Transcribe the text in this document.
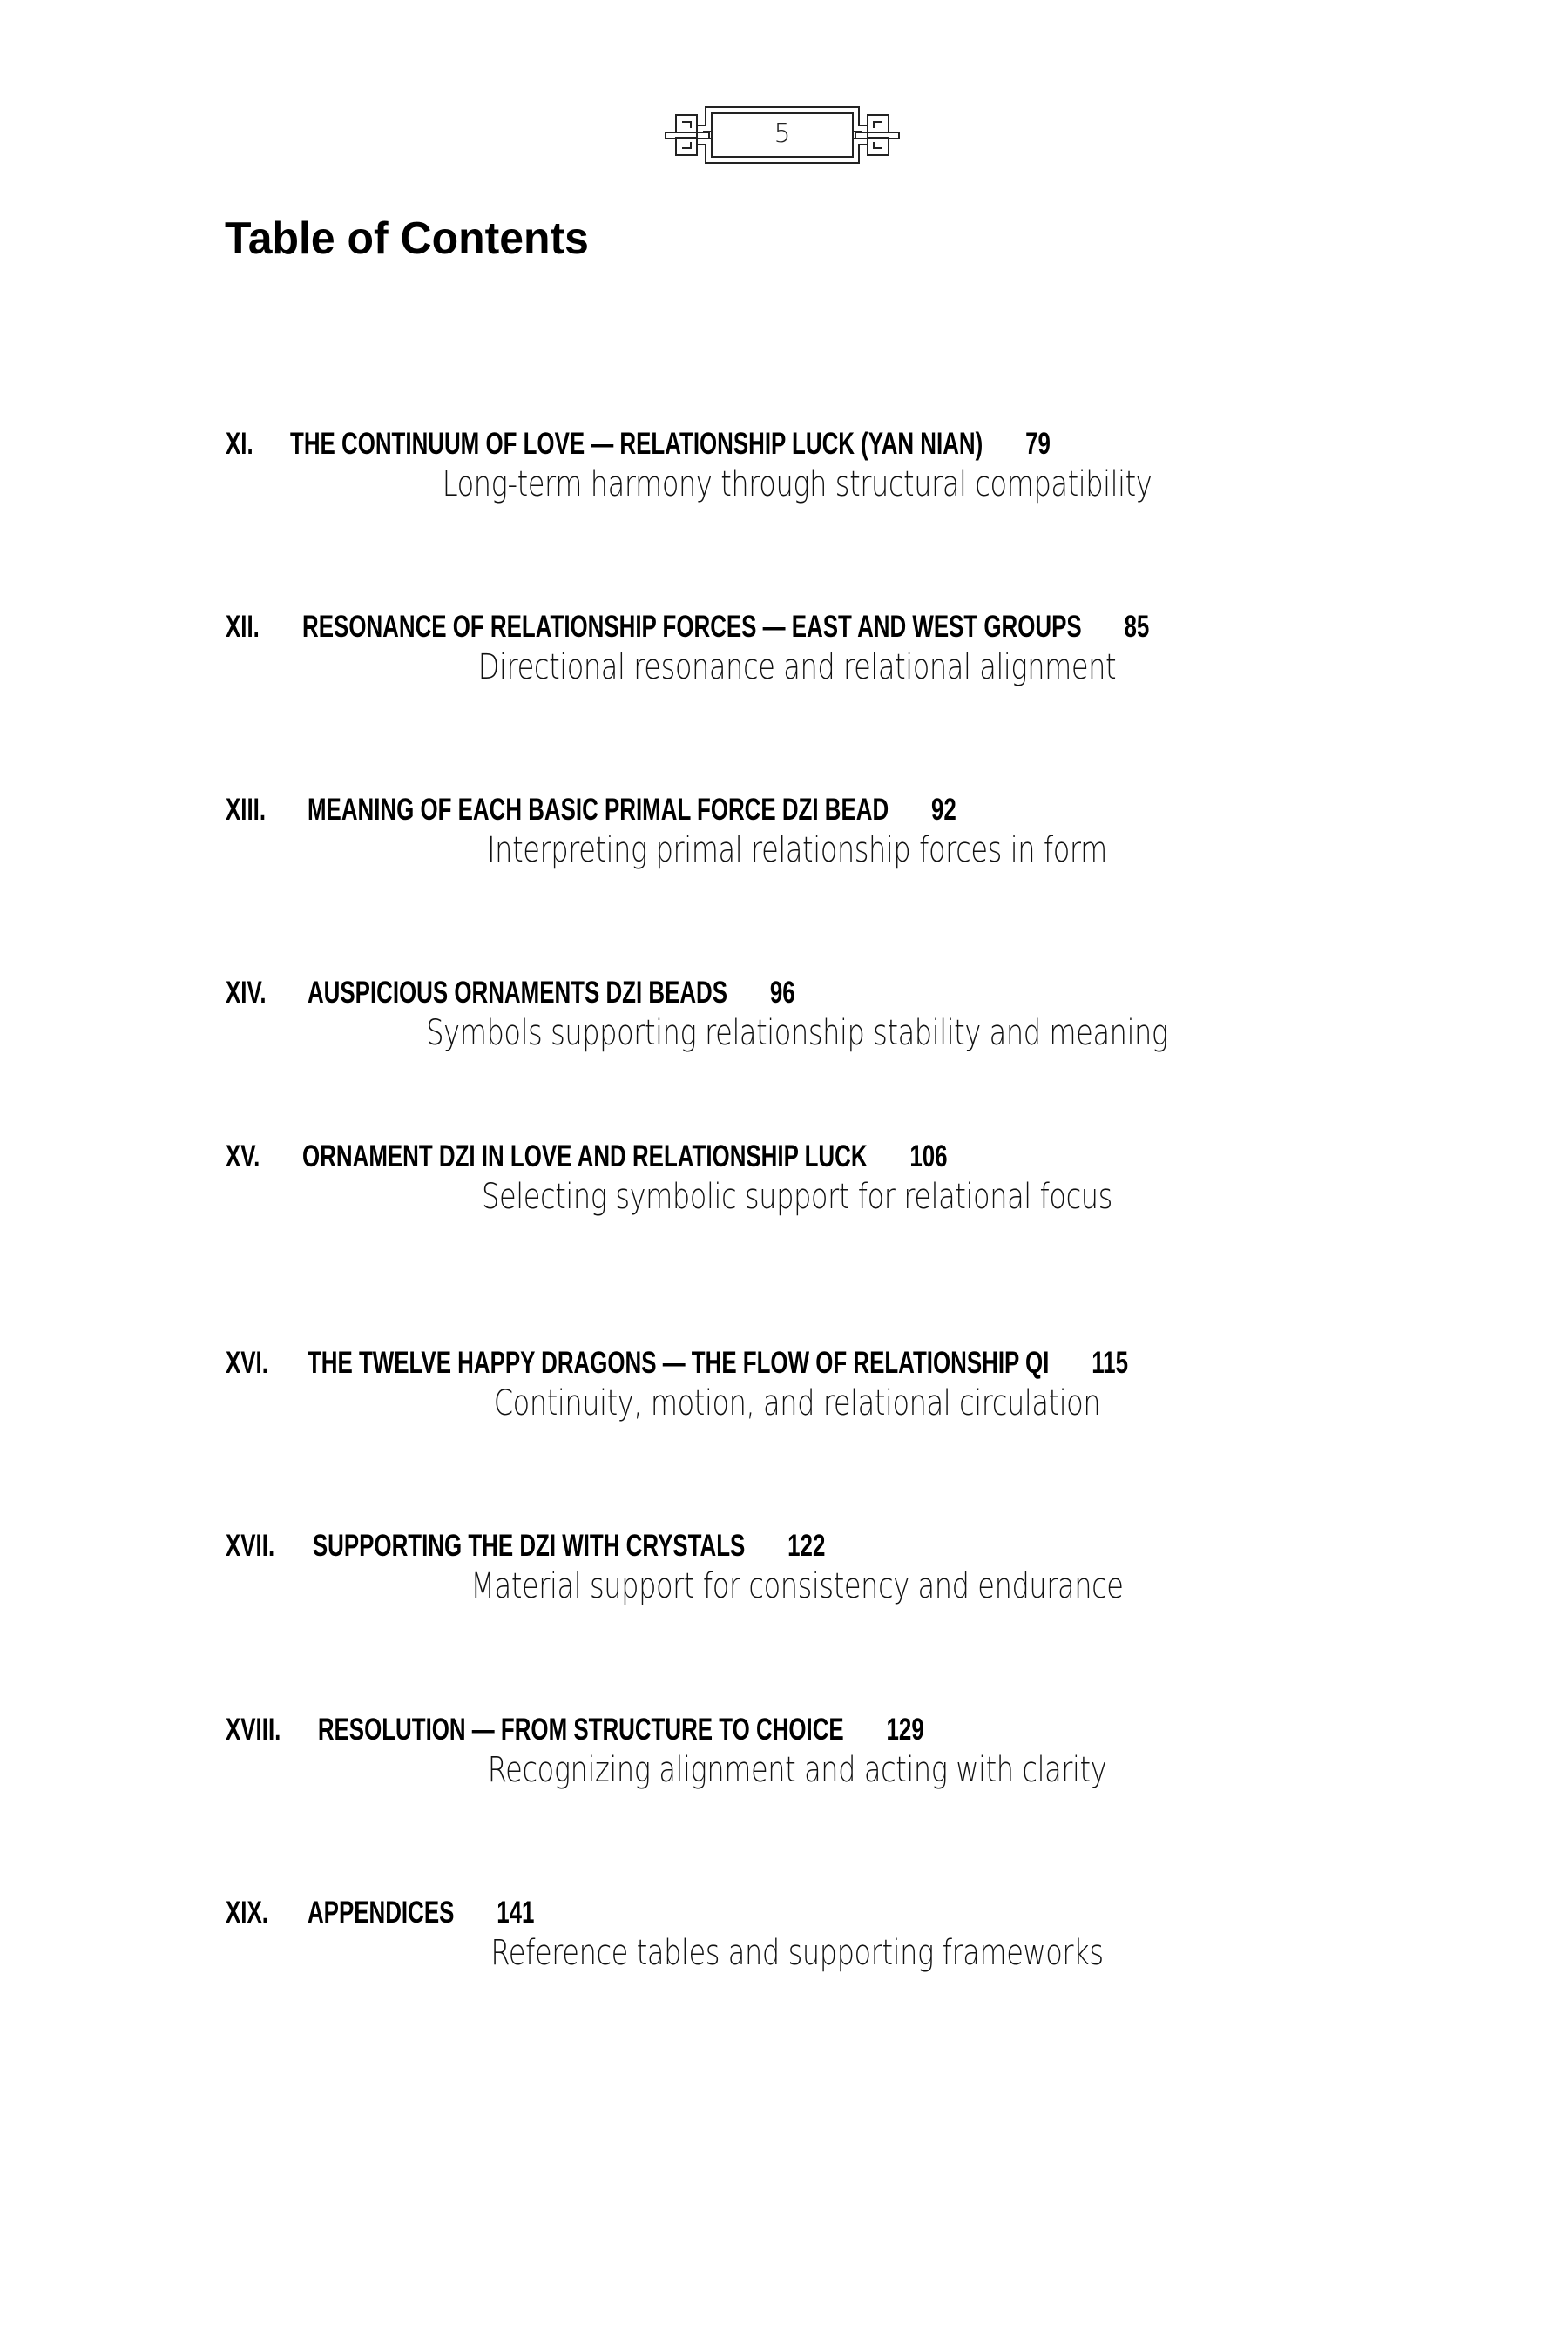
5
Table of Contents
XI. THE CONTINUUM OF LOVE — RELATIONSHIP LUCK (YAN NIAN) 79
Long-term harmony through structural compatibility
XII. RESONANCE OF RELATIONSHIP FORCES — EAST AND WEST GROUPS 85
Directional resonance and relational alignment
XIII. MEANING OF EACH BASIC PRIMAL FORCE DZI BEAD 92
Interpreting primal relationship forces in form
XIV. AUSPICIOUS ORNAMENTS DZI BEADS 96
Symbols supporting relationship stability and meaning
XV. ORNAMENT DZI IN LOVE AND RELATIONSHIP LUCK 106
Selecting symbolic support for relational focus
XVI. THE TWELVE HAPPY DRAGONS — THE FLOW OF RELATIONSHIP QI 115
Continuity, motion, and relational circulation
XVII. SUPPORTING THE DZI WITH CRYSTALS 122
Material support for consistency and endurance
XVIII. RESOLUTION — FROM STRUCTURE TO CHOICE 129
Recognizing alignment and acting with clarity
XIX. APPENDICES 141
Reference tables and supporting frameworks
